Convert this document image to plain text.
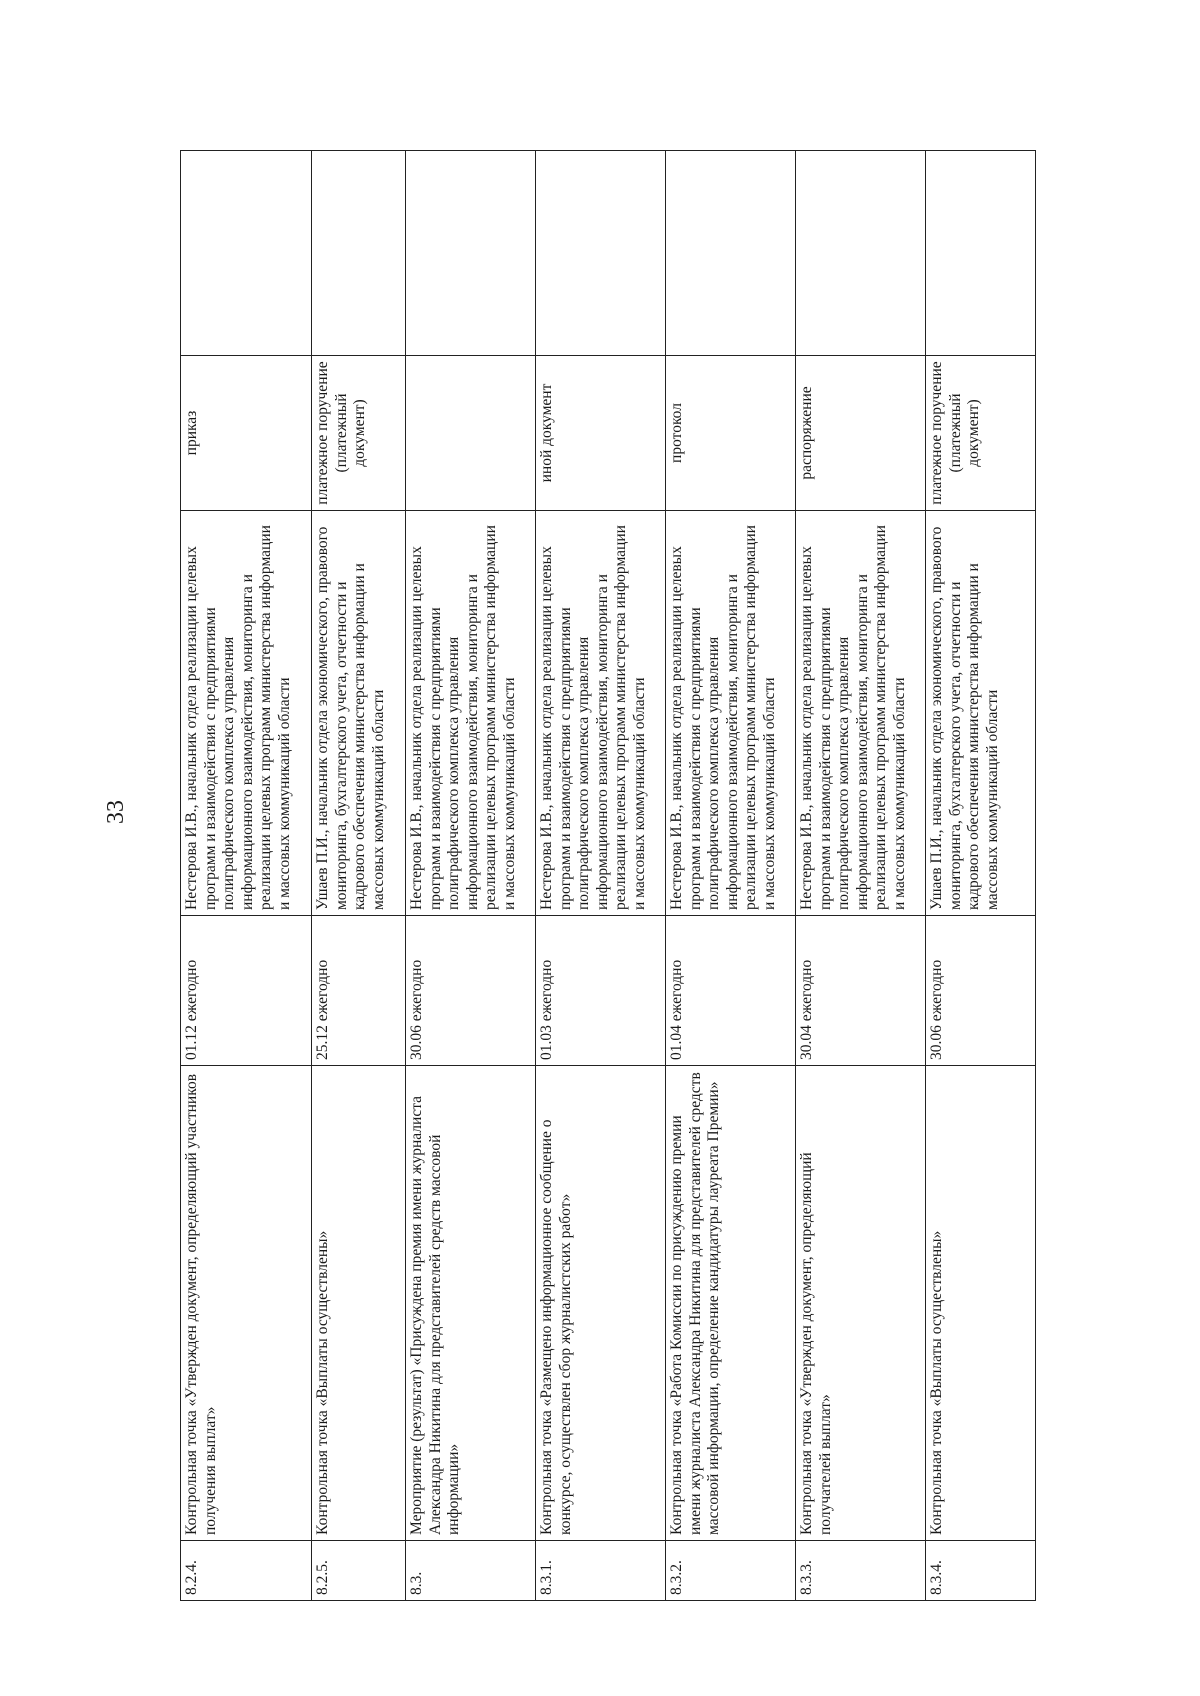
33
8.2.4.	Контрольная точка «Утвержден документ, определяющий участников получения выплат»	01.12 ежегодно	Нестерова И.В., начальник отдела реализации целевых программ и взаимодействия с предприятиями полиграфического комплекса управления информационного взаимодействия, мониторинга и реализации целевых программ министерства информации и массовых коммуникаций области	приказ	
8.2.5.	Контрольная точка «Выплаты осуществлены»	25.12 ежегодно	Ушаев П.И., начальник отдела экономического, правового мониторинга, бухгалтерского учета, отчетности и кадрового обеспечения министерства информации и массовых коммуникаций области	платежное поручение (платежный документ)	
8.3.	Мероприятие (результат) «Присуждена премия имени журналиста Александра Никитина для представителей средств массовой информации»	30.06 ежегодно	Нестерова И.В., начальник отдела реализации целевых программ и взаимодействия с предприятиями полиграфического комплекса управления информационного взаимодействия, мониторинга и реализации целевых программ министерства информации и массовых коммуникаций области		
8.3.1.	Контрольная точка «Размещено информационное сообщение о конкурсе, осуществлен сбор журналистских работ»	01.03 ежегодно	Нестерова И.В., начальник отдела реализации целевых программ и взаимодействия с предприятиями полиграфического комплекса управления информационного взаимодействия, мониторинга и реализации целевых программ министерства информации и массовых коммуникаций области	иной документ	
8.3.2.	Контрольная точка «Работа Комиссии по присуждению премии имени журналиста Александра Никитина для представителей средств массовой информации, определение кандидатуры лауреата Премии»	01.04 ежегодно	Нестерова И.В., начальник отдела реализации целевых программ и взаимодействия с предприятиями полиграфического комплекса управления информационного взаимодействия, мониторинга и реализации целевых программ министерства информации и массовых коммуникаций области	протокол	
8.3.3.	Контрольная точка «Утвержден документ, определяющий получателей выплат»	30.04 ежегодно	Нестерова И.В., начальник отдела реализации целевых программ и взаимодействия с предприятиями полиграфического комплекса управления информационного взаимодействия, мониторинга и реализации целевых программ министерства информации и массовых коммуникаций области	распоряжение	
8.3.4.	Контрольная точка «Выплаты осуществлены»	30.06 ежегодно	Ушаев П.И., начальник отдела экономического, правового мониторинга, бухгалтерского учета, отчетности и кадрового обеспечения министерства информации и массовых коммуникаций области	платежное поручение (платежный документ)	
